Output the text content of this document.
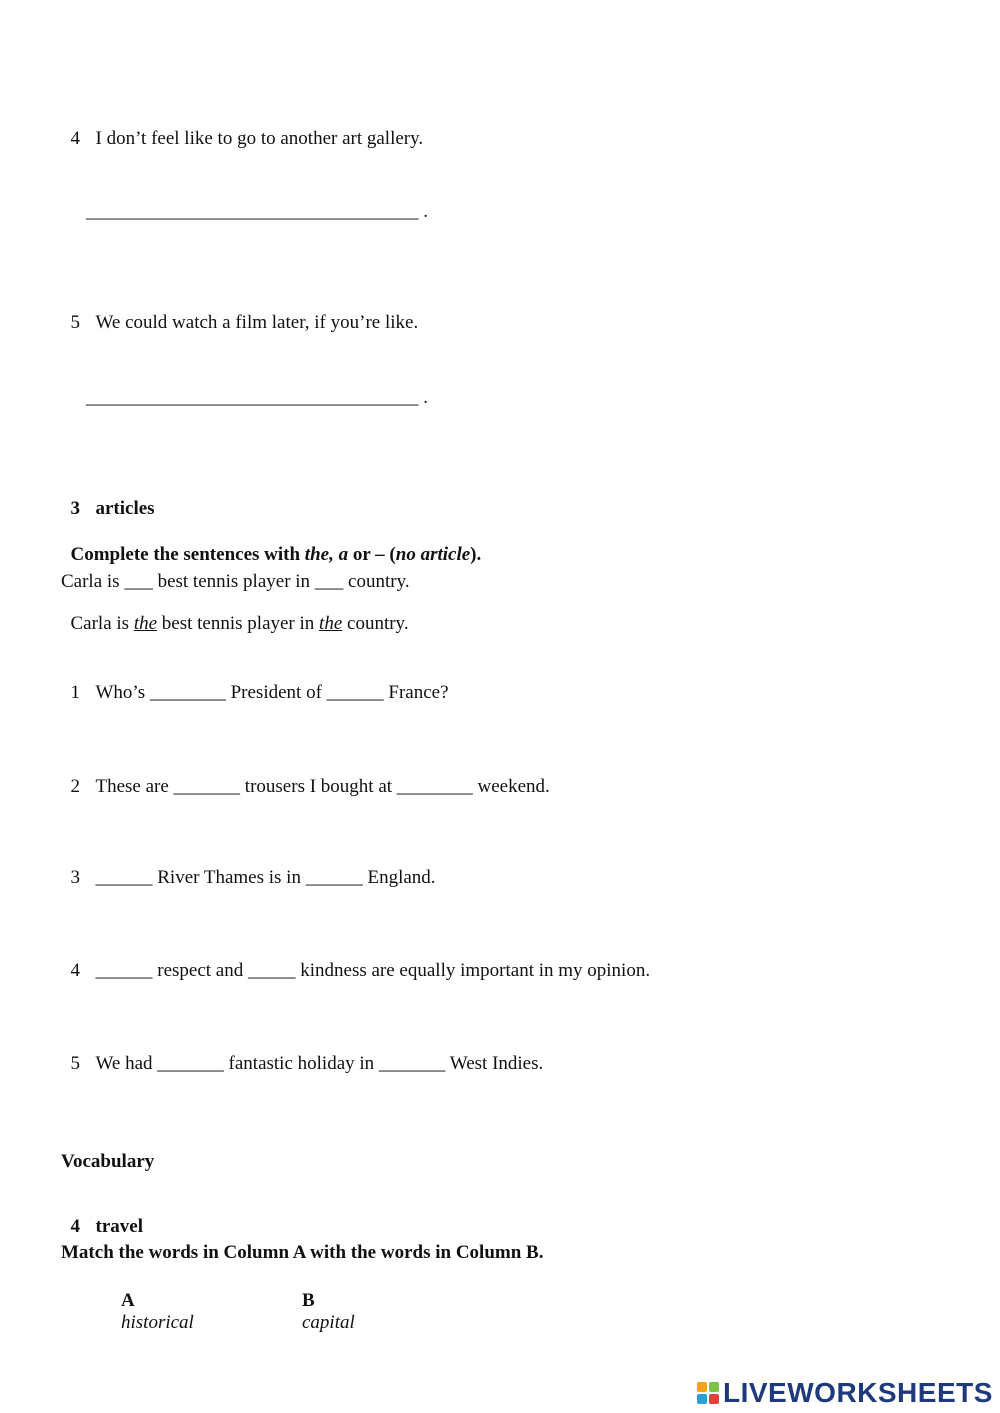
4 I don’t feel like to go to another art gallery.

___________________________________ .

5 We could watch a film later, if you’re like.

___________________________________ .

3 articles

Complete the sentences with the, a or – (no article).

Carla is ___ best tennis player in ___ country.

Carla is the best tennis player in the country.

1 Who’s ________ President of ______ France?

2 These are _______ trousers I bought at ________ weekend.

3 ______ River Thames is in ______ England.

4 ______ respect and _____ kindness are equally important in my opinion.

5 We had _______ fantastic holiday in _______ West Indies.

Vocabulary

4 travel

Match the words in Column A with the words in Column B.
A	B
historical	capital
LIVEWORKSHEETS
